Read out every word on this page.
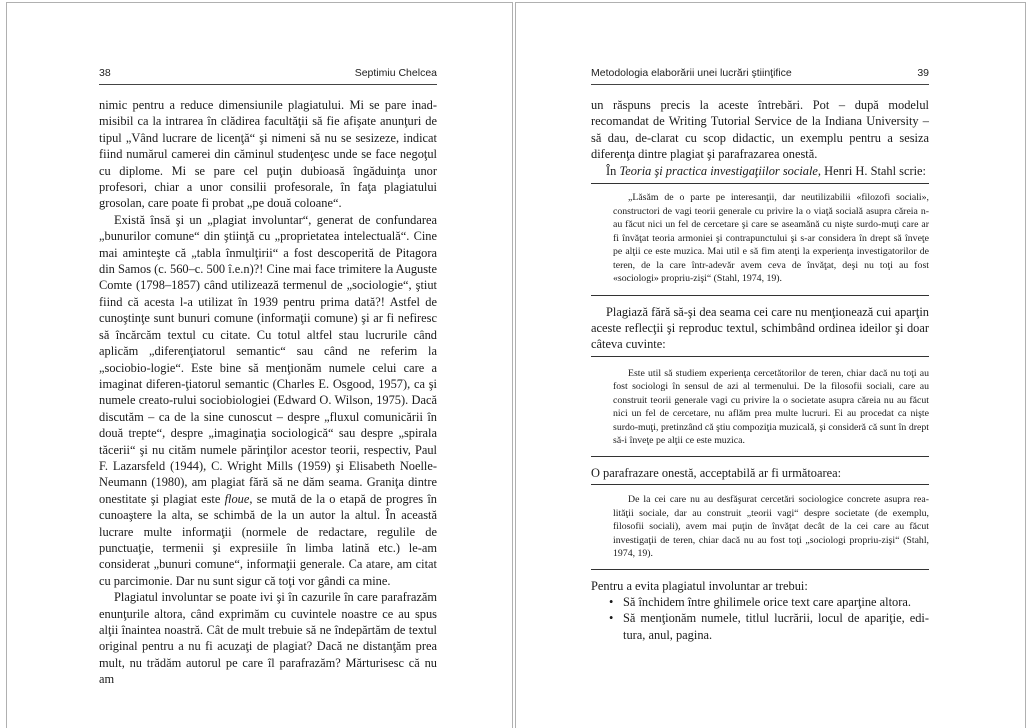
38	Septimiu Chelcea

nimic pentru a reduce dimensiunile plagiatului. Mi se pare inad-misibil ca la intrarea în clădirea facultăţii să fie afişate anunţuri de tipul „Vând lucrare de licenţă“ şi nimeni să nu se sesizeze, indicat fiind numărul camerei din căminul studenţesc unde se face negoţul cu diplome. Mi se pare cel puţin dubioasă îngăduinţa unor profesori, chiar a unor consilii profesorale, în faţa plagiatului grosolan, care poate fi probat „pe două coloane“.

Există însă şi un „plagiat involuntar“, generat de confundarea „bunurilor comune“ din ştiinţă cu „proprietatea intelectuală“. Cine mai aminteşte că „tabla înmulţirii“ a fost descoperită de Pitagora din Samos (c. 560–c. 500 î.e.n)?! Cine mai face trimitere la Auguste Comte (1798–1857) când utilizează termenul de „sociologie“, ştiut fiind că acesta l-a utilizat în 1939 pentru prima dată?! Astfel de cunoştinţe sunt bunuri comune (informaţii comune) şi ar fi nefiresc să încărcăm textul cu citate. Cu totul altfel stau lucrurile când aplicăm „diferenţiatorul semantic“ sau când ne referim la „sociobio-logie“. Este bine să menţionăm numele celui care a imaginat diferen-ţiatorul semantic (Charles E. Osgood, 1957), ca şi numele creato-rului sociobiologiei (Edward O. Wilson, 1975). Dacă discutăm – ca de la sine cunoscut – despre „fluxul comunicării în două trepte“, despre „imaginaţia sociologică“ sau despre „spirala tăcerii“ şi nu cităm numele părinţilor acestor teorii, respectiv, Paul F. Lazarsfeld (1944), C. Wright Mills (1959) şi Elisabeth Noelle-Neumann (1980), am plagiat fără să ne dăm seama. Graniţa dintre onestitate şi plagiat este floue, se mută de la o etapă de progres în cunoaştere la alta, se schimbă de la un autor la altul. În această lucrare multe informaţii (normele de redactare, regulile de punctuaţie, termenii şi expresiile în limba latină etc.) le-am considerat „bunuri comune“, informaţii generale. Ca atare, am citat cu parcimonie. Dar nu sunt sigur că toţi vor gândi ca mine.

Plagiatul involuntar se poate ivi şi în cazurile în care parafrazăm enunţurile altora, când exprimăm cu cuvintele noastre ce au spus alţii înaintea noastră. Cât de mult trebuie să ne îndepărtăm de textul original pentru a nu fi acuzaţi de plagiat? Dacă ne distanţăm prea mult, nu trădăm autorul pe care îl parafrazăm? Mărturisesc că nu am

Metodologia elaborării unei lucrări ştiinţifice	39

un răspuns precis la aceste întrebări. Pot – după modelul recomandat de Writing Tutorial Service de la Indiana University – să dau, de-clarat cu scop didactic, un exemplu pentru a sesiza diferenţa dintre plagiat şi parafrazarea onestă.

În Teoria şi practica investigaţiilor sociale, Henri H. Stahl scrie:

„Lăsăm de o parte pe interesanţii, dar neutilizabilii «filozofi sociali», constructori de vagi teorii generale cu privire la o viaţă socială asupra căreia n-au făcut nici un fel de cercetare şi care se aseamănă cu nişte surdo-muţi care ar fi învăţat teoria armoniei şi contrapunctului şi s-ar considera în drept să înveţe pe alţii ce este muzica. Mai util e să fim atenţi la experienţa investigatorilor de teren, de la care într-adevăr avem ceva de învăţat, deşi nu toţi au fost «sociologi» propriu-zişi“ (Stahl, 1974, 19).

Plagiază fără să-şi dea seama cei care nu menţionează cui aparţin aceste reflecţii şi reproduc textul, schimbând ordinea ideilor şi doar câteva cuvinte:

Este util să studiem experienţa cercetătorilor de teren, chiar dacă nu toţi au fost sociologi în sensul de azi al termenului. De la filosofii sociali, care au construit teorii generale vagi cu privire la o societate asupra căreia nu au făcut nici un fel de cercetare, nu aflăm prea multe lucruri. Ei au procedat ca nişte surdo-muţi, pretinzând că ştiu compoziţia muzicală, şi consideră că sunt în drept să-i înveţe pe alţii ce este muzica.

O parafrazare onestă, acceptabilă ar fi următoarea:

De la cei care nu au desfăşurat cercetări sociologice concrete asupra rea-lităţii sociale, dar au construit „teorii vagi“ despre societate (de exemplu, filosofii sociali), avem mai puţin de învăţat decât de la cei care au făcut investigaţii de teren, chiar dacă nu au fost toţi „sociologi propriu-zişi“ (Stahl, 1974, 19).

Pentru a evita plagiatul involuntar ar trebui:

• Să închidem între ghilimele orice text care aparţine altora.
• Să menţionăm numele, titlul lucrării, locul de apariţie, edi-tura, anul, pagina.
